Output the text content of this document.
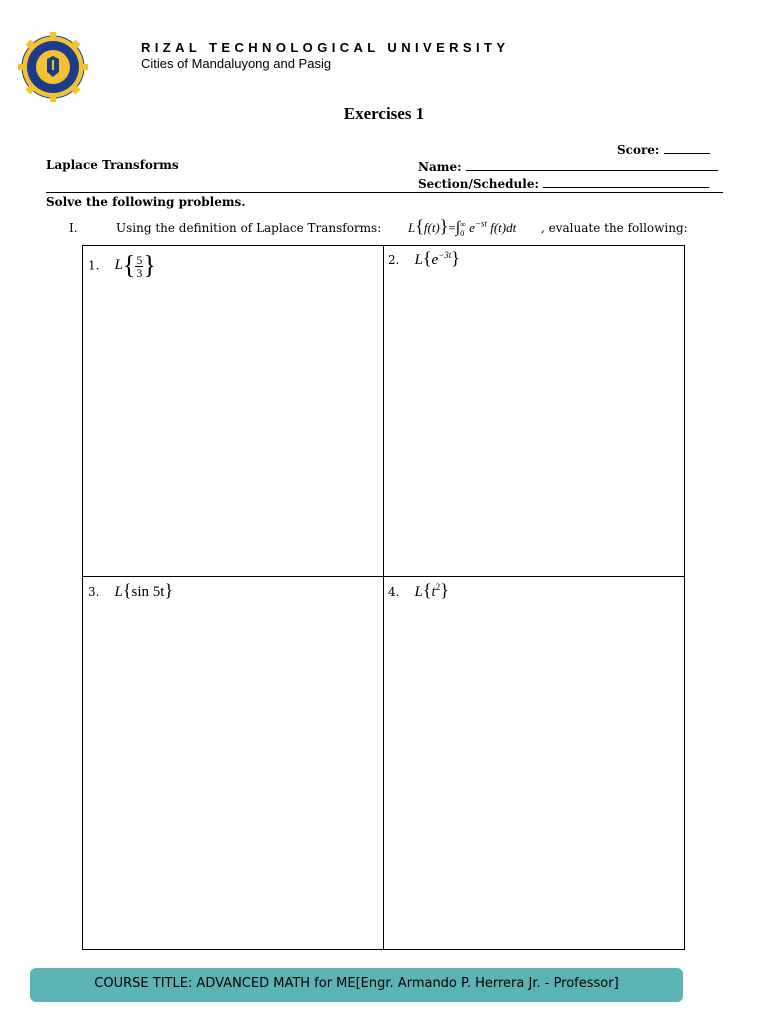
RIZAL TECHNOLOGICAL UNIVERSITY
Cities of Mandaluyong and Pasig
Exercises 1
Score:
Laplace Transforms	Name:
Section/Schedule:
Solve the following problems.
I.	Using the definition of Laplace Transforms: L{f(t)}=∫ ∞
0 $e^{-st}$ f(t)dt , evaluate the following:
1. $L\{ \frac{5}{3}$ }	2. $L\{e^{-3t}\}$
3. L{sin 5t}	4. $L\{t^2\}$
COURSE TITLE: ADVANCED MATH for ME[Engr. Armando P. Herrera Jr. - Professor]
